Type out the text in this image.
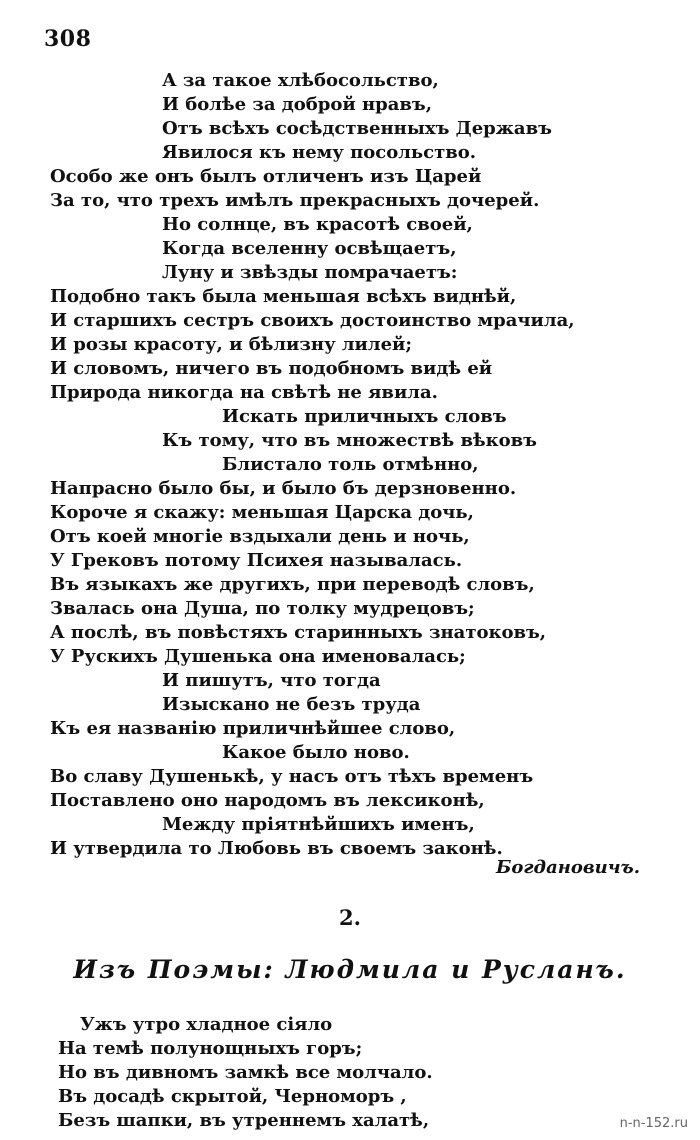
308
А за такое хлѣбосольство,
И болѣе за доброй нравъ,
Отъ всѣхъ сосѣдственныхъ Державъ
Явилося къ нему посольство.
Особо же онъ былъ отличенъ изъ Царей
За то, что трехъ имѣлъ прекрасныхъ дочерей.
Но солнце, въ красотѣ своей,
Когда вселенну освѣщаетъ,
Луну и звѣзды помрачаетъ:
Подобно такъ была меньшая всѣхъ виднѣй,
И старшихъ сестръ своихъ достоинство мрачила,
И розы красоту, и бѣлизну лилей;
И словомъ, ничего въ подобномъ видѣ ей
Природа никогда на свѣтѣ не явила.
Искать приличныхъ словъ
Къ тому, что въ множествѣ вѣковъ
Блистало толь отмѣнно,
Напрасно было бы, и было бъ дерзновенно.
Короче я скажу: меньшая Царска дочь,
Отъ коей многіе вздыхали день и ночь,
У Грековъ потому Психея называлась.
Въ языкахъ же другихъ, при переводѣ словъ,
Звалась она Душа, по толку мудрецовъ;
А послѣ, въ повѣстяхъ старинныхъ знатоковъ,
У Рускихъ Душенька она именовалась;
И пишутъ, что тогда
Изыскано не безъ труда
Къ ея названію приличнѣйшее слово,
Какое было ново.
Во славу Душенькѣ, у насъ отъ тѣхъ временъ
Поставлено оно народомъ въ лексиконѣ,
Между пріятнѣйшихъ именъ,
И утвердила то Любовь въ своемъ законѣ.
Богдановичъ.
2.
Изъ Поэмы: Людмила и Русланъ.
Ужъ утро хладное сіяло
На темѣ полунощныхъ горъ;
Но въ дивномъ замкѣ все молчало.
Въ досадѣ скрытой, Черноморъ ,
Безъ шапки, въ утреннемъ халатѣ,	n-n-152.ru
